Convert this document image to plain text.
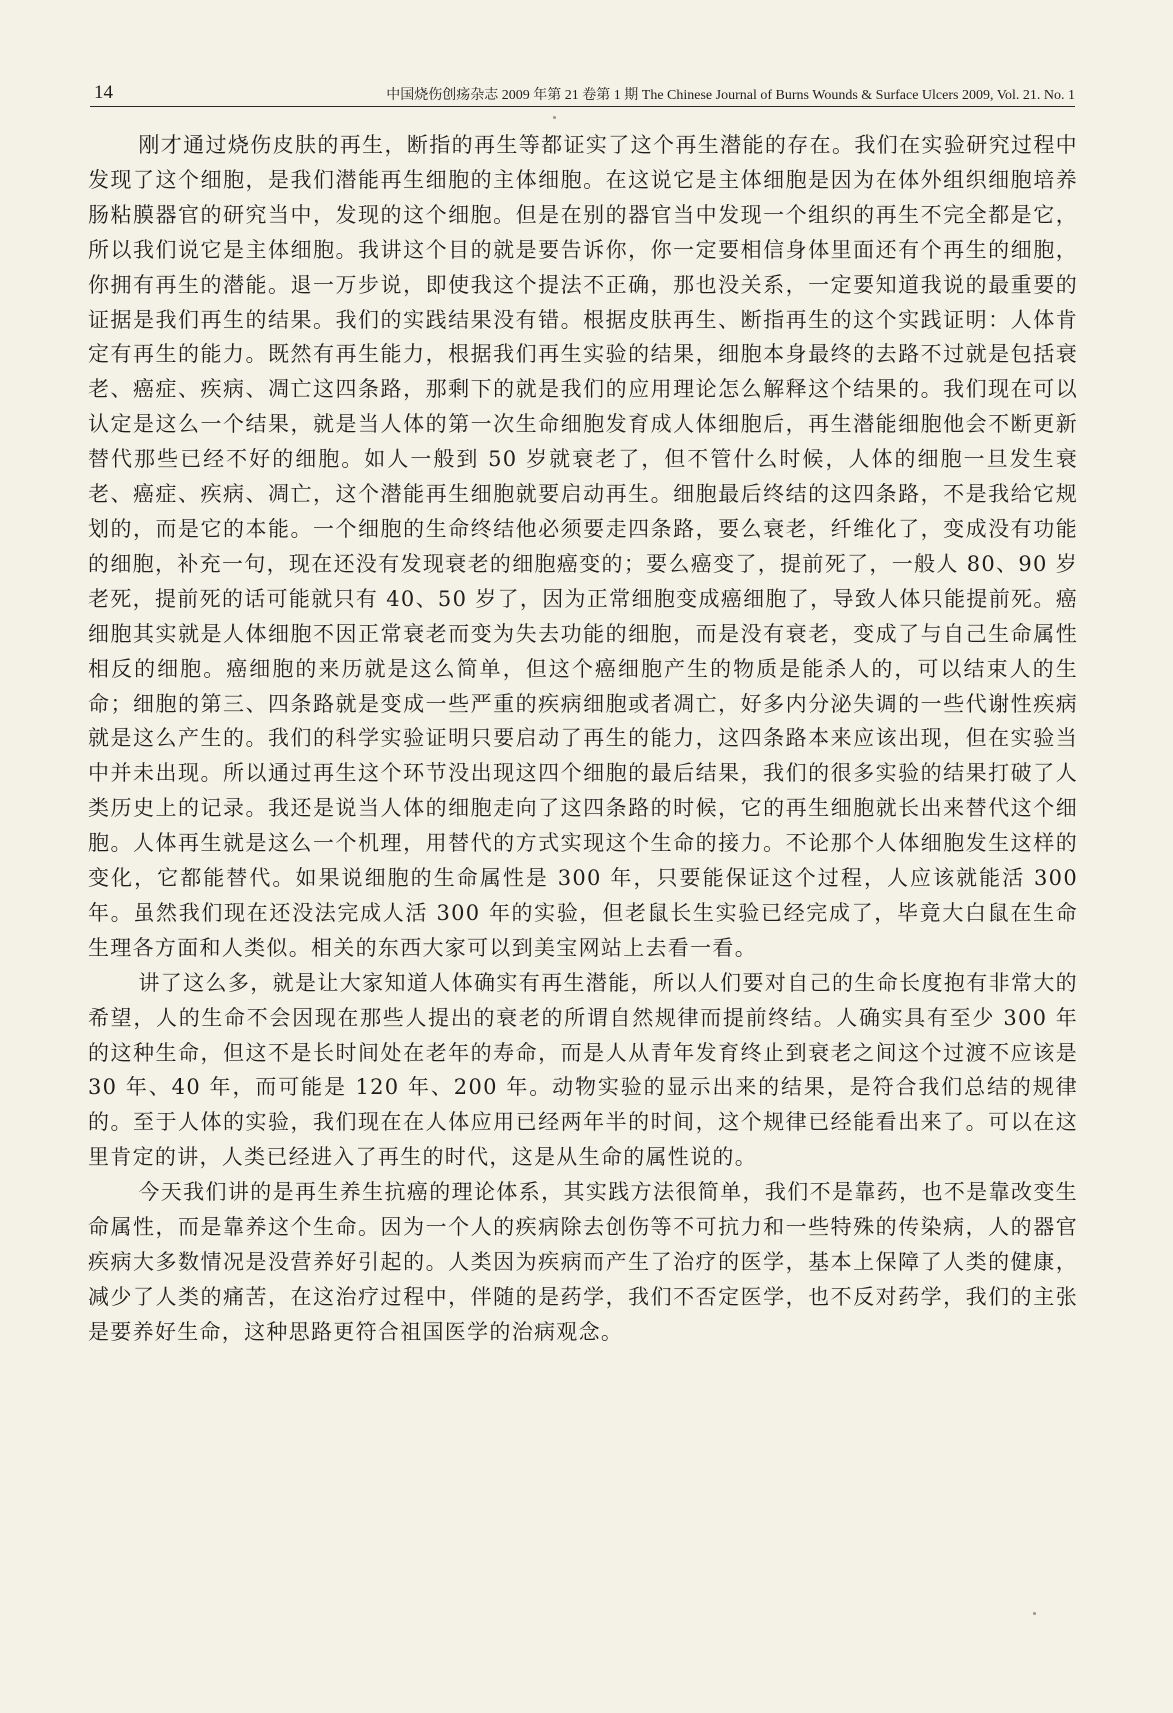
14	中国烧伤创疡杂志 2009 年第 21 卷第 1 期 The Chinese Journal of Burns Wounds & Surface Ulcers 2009, Vol. 21. No. 1

刚才通过烧伤皮肤的再生，断指的再生等都证实了这个再生潜能的存在。我们在实验研究过程中发现了这个细胞，是我们潜能再生细胞的主体细胞。在这说它是主体细胞是因为在体外组织细胞培养肠粘膜器官的研究当中，发现的这个细胞。但是在别的器官当中发现一个组织的再生不完全都是它，所以我们说它是主体细胞。我讲这个目的就是要告诉你，你一定要相信身体里面还有个再生的细胞，你拥有再生的潜能。退一万步说，即使我这个提法不正确，那也没关系，一定要知道我说的最重要的证据是我们再生的结果。我们的实践结果没有错。根据皮肤再生、断指再生的这个实践证明：人体肯定有再生的能力。既然有再生能力，根据我们再生实验的结果，细胞本身最终的去路不过就是包括衰老、癌症、疾病、凋亡这四条路，那剩下的就是我们的应用理论怎么解释这个结果的。我们现在可以认定是这么一个结果，就是当人体的第一次生命细胞发育成人体细胞后，再生潜能细胞他会不断更新替代那些已经不好的细胞。如人一般到 50 岁就衰老了，但不管什么时候，人体的细胞一旦发生衰老、癌症、疾病、凋亡，这个潜能再生细胞就要启动再生。细胞最后终结的这四条路，不是我给它规划的，而是它的本能。一个细胞的生命终结他必须要走四条路，要么衰老，纤维化了，变成没有功能的细胞，补充一句，现在还没有发现衰老的细胞癌变的；要么癌变了，提前死了，一般人 80、90 岁老死，提前死的话可能就只有 40、50 岁了，因为正常细胞变成癌细胞了，导致人体只能提前死。癌细胞其实就是人体细胞不因正常衰老而变为失去功能的细胞，而是没有衰老，变成了与自己生命属性相反的细胞。癌细胞的来历就是这么简单，但这个癌细胞产生的物质是能杀人的，可以结束人的生命；细胞的第三、四条路就是变成一些严重的疾病细胞或者凋亡，好多内分泌失调的一些代谢性疾病就是这么产生的。我们的科学实验证明只要启动了再生的能力，这四条路本来应该出现，但在实验当中并未出现。所以通过再生这个环节没出现这四个细胞的最后结果，我们的很多实验的结果打破了人类历史上的记录。我还是说当人体的细胞走向了这四条路的时候，它的再生细胞就长出来替代这个细胞。人体再生就是这么一个机理，用替代的方式实现这个生命的接力。不论那个人体细胞发生这样的变化，它都能替代。如果说细胞的生命属性是 300 年，只要能保证这个过程，人应该就能活 300 年。虽然我们现在还没法完成人活 300 年的实验，但老鼠长生实验已经完成了，毕竟大白鼠在生命生理各方面和人类似。相关的东西大家可以到美宝网站上去看一看。

讲了这么多，就是让大家知道人体确实有再生潜能，所以人们要对自己的生命长度抱有非常大的希望，人的生命不会因现在那些人提出的衰老的所谓自然规律而提前终结。人确实具有至少 300 年的这种生命，但这不是长时间处在老年的寿命，而是人从青年发育终止到衰老之间这个过渡不应该是 30 年、40 年，而可能是 120 年、200 年。动物实验的显示出来的结果，是符合我们总结的规律的。至于人体的实验，我们现在在人体应用已经两年半的时间，这个规律已经能看出来了。可以在这里肯定的讲，人类已经进入了再生的时代，这是从生命的属性说的。

今天我们讲的是再生养生抗癌的理论体系，其实践方法很简单，我们不是靠药，也不是靠改变生命属性，而是靠养这个生命。因为一个人的疾病除去创伤等不可抗力和一些特殊的传染病，人的器官疾病大多数情况是没营养好引起的。人类因为疾病而产生了治疗的医学，基本上保障了人类的健康，减少了人类的痛苦，在这治疗过程中，伴随的是药学，我们不否定医学，也不反对药学，我们的主张是要养好生命，这种思路更符合祖国医学的治病观念。
